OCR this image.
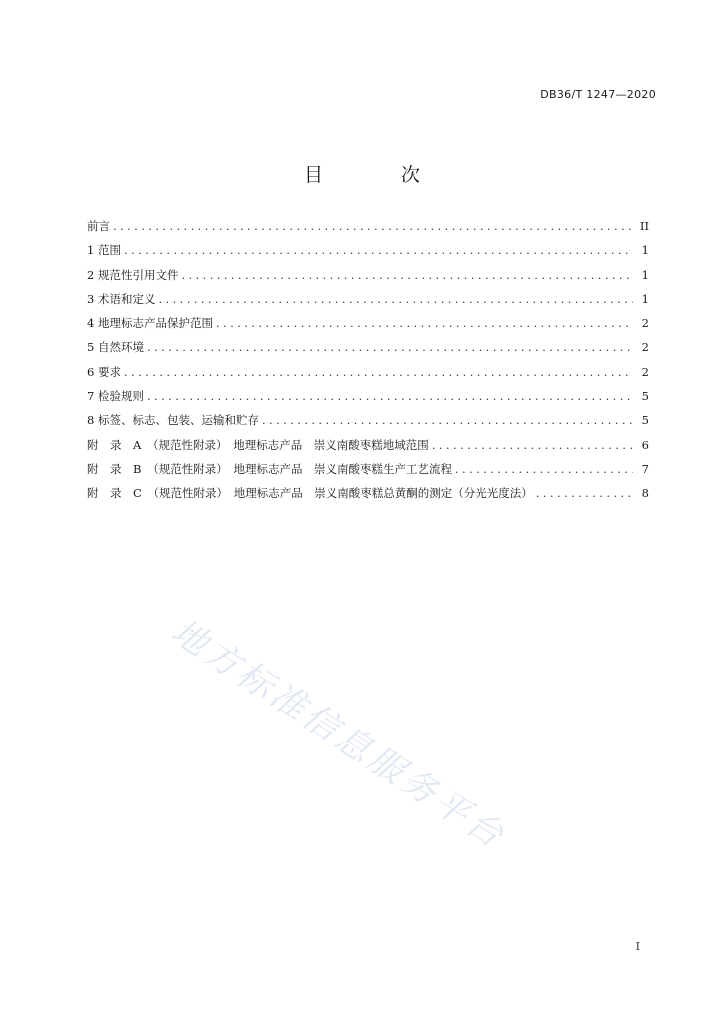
DB36/T 1247—2020
目 次
前言 .....	II
1 范围 .....	1
2 规范性引用文件 .....	1
3 术语和定义 .....	1
4 地理标志产品保护范围 .....	2
5 自然环境 .....	2
6 要求 .....	2
7 检验规则 .....	5
8 标签、标志、包装、运输和贮存 .....	5
附　录　A　（规范性附录）　地理标志产品　崇义南酸枣糕地域范围 .....	6
附　录　B　（规范性附录）　地理标志产品　崇义南酸枣糕生产工艺流程 .....	7
附　录　C　（规范性附录）　地理标志产品　崇义南酸枣糕总黄酮的测定（分光光度法） .....	8
地方标准信息服务平台
I
